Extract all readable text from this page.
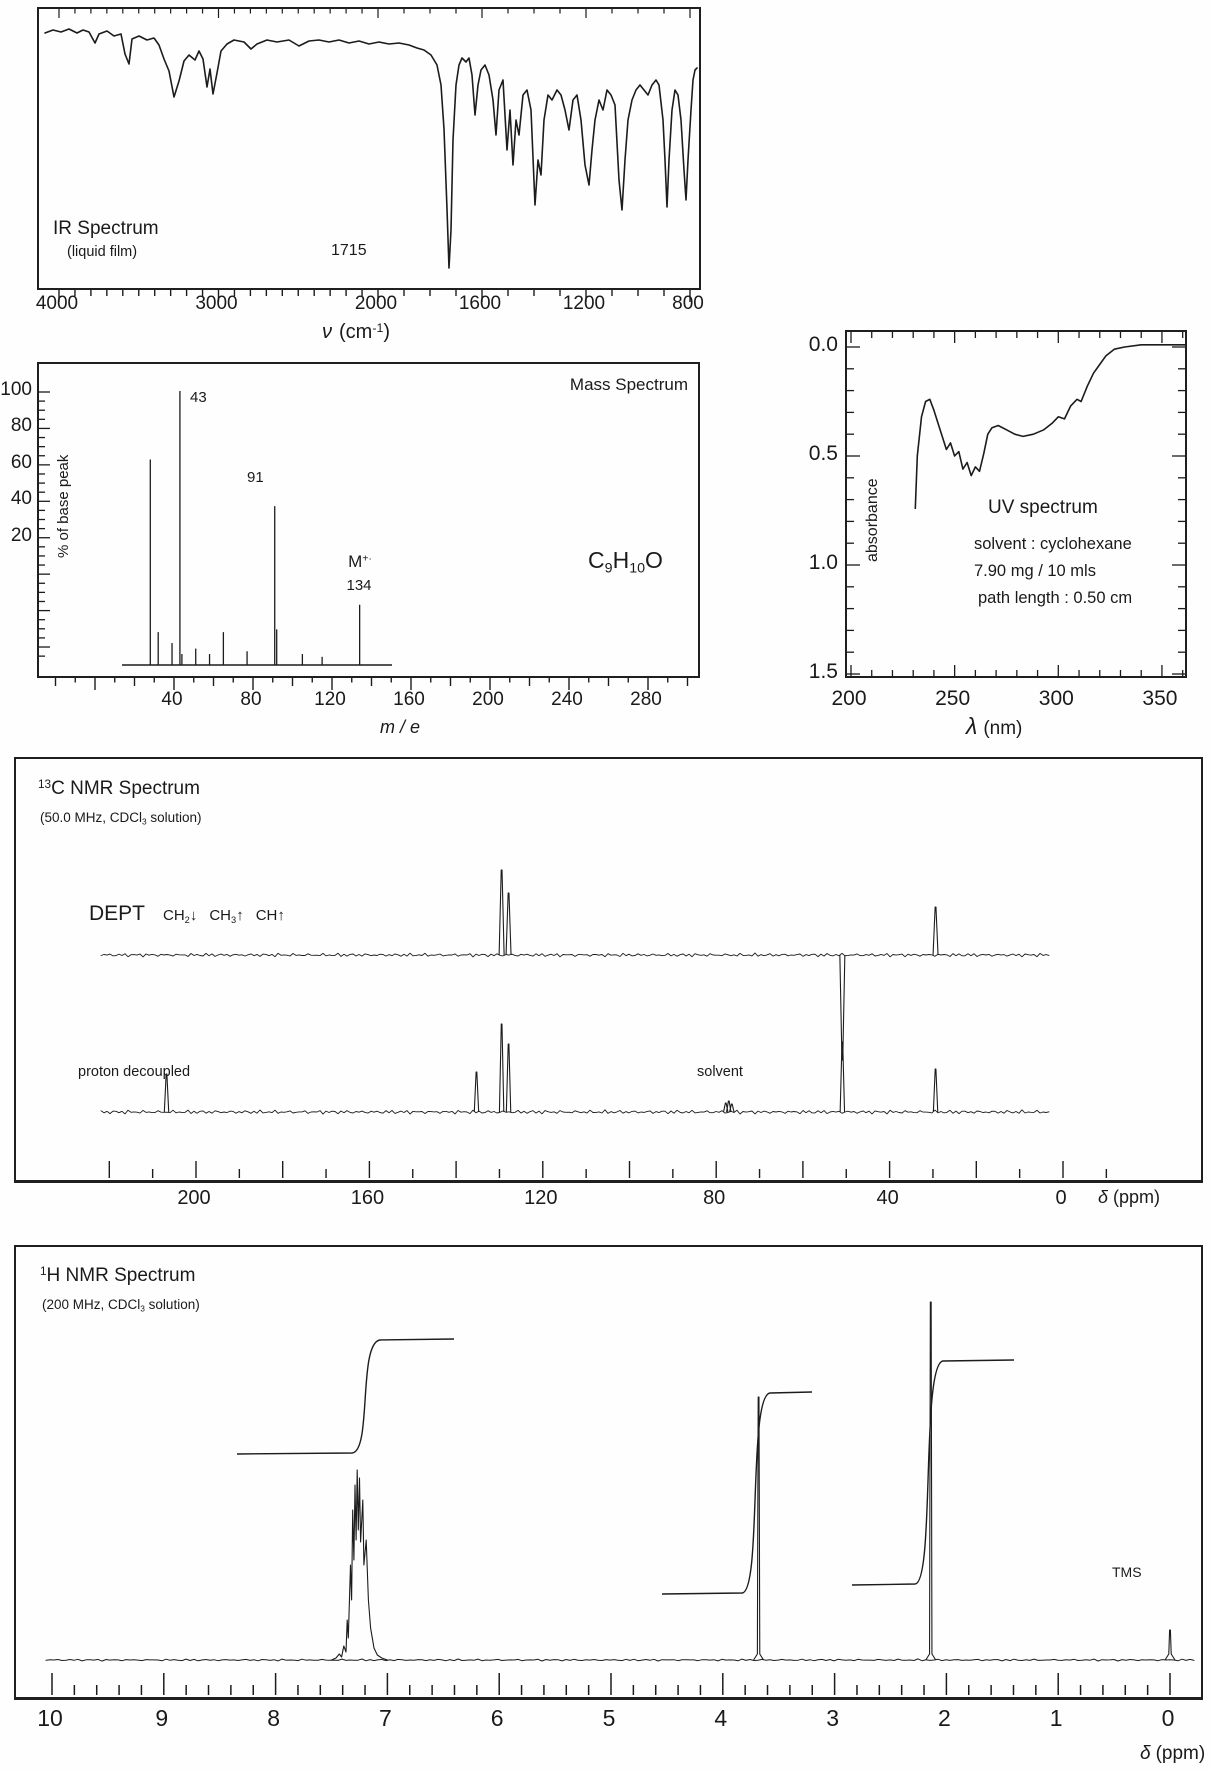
IR Spectrum
(liquid film)	1715
ν $(cm^{-1})$
Mass Spectrum
% of base peak
43
91
M+·
134
$C_9H_{10}O$
m / e
absorbance	UV spectrum
solvent : cyclohexane
7.90 mg / 10 mls
path length : 0.50 cm
λ (nm)
$^{13}$C NMR Spectrum
(50.0 MHz, CDCl$_3$ solution)
DEPT $CH_2↓$ $CH_3↑$ CH↑
proton decoupled	solvent
δ (ppm)
$^1$H NMR Spectrum
(200 MHz, CDCl$_3$ solution)
TMS
δ (ppm)
4000	3000	2000	1600	1200	800
100
80
60
40
20
40	80	120 160 200 240 280
0.0
0.5
1.0
1.5
200	250	300	350
200	160	120	80	40	0
10	9	8	7	6	5	4	3	2	1	0
